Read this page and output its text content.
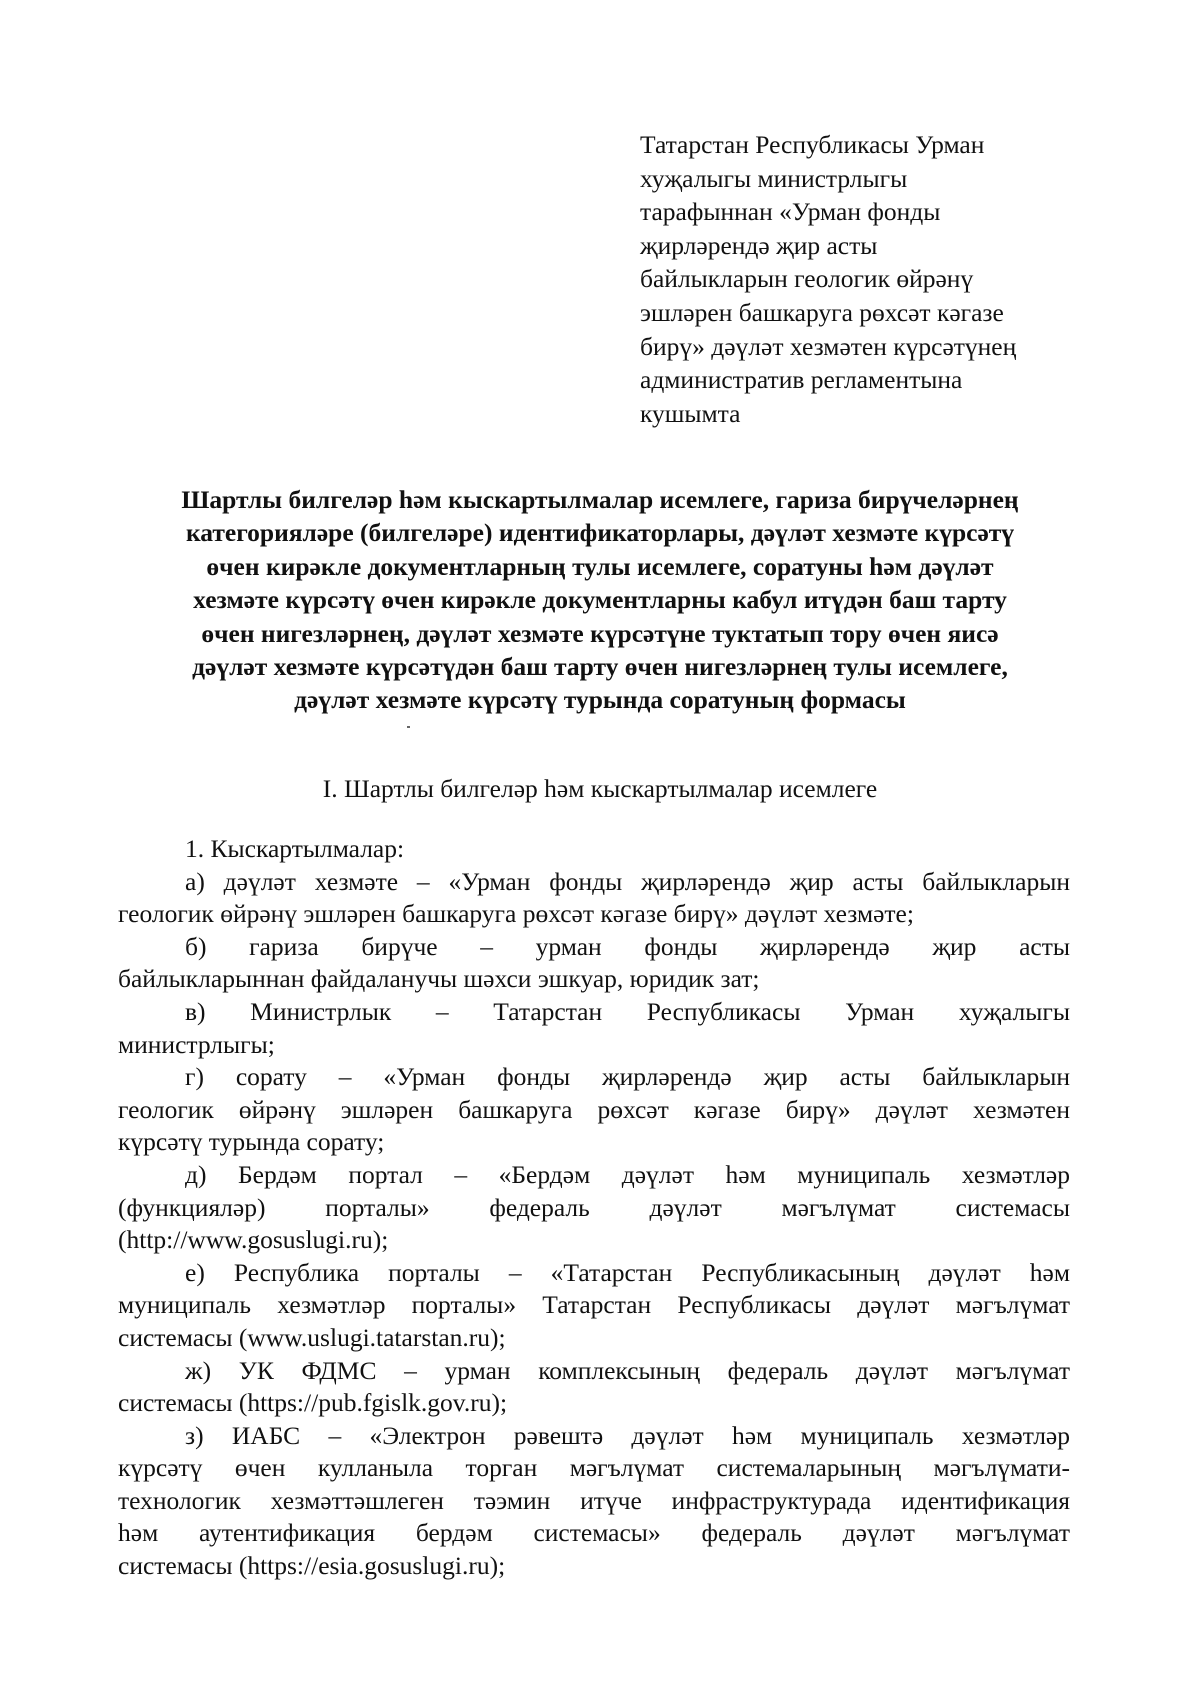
Татарстан Республикасы Урман
хуҗалыгы министрлыгы
тарафыннан «Урман фонды
җирләрендә җир асты
байлыкларын геологик өйрәнү
эшләрен башкаруга рөхсәт кәгазе
бирү» дәүләт хезмәтен күрсәтүнең
административ регламентына
кушымта
Шартлы билгеләр һәм кыскартылмалар исемлеге, гариза бирүчеләрнең
категорияләре (билгеләре) идентификаторлары, дәүләт хезмәте күрсәтү
өчен кирәкле документларның тулы исемлеге, соратуны һәм дәүләт
хезмәте күрсәтү өчен кирәкле документларны кабул итүдән баш тарту
өчен нигезләрнең, дәүләт хезмәте күрсәтүне туктатып тору өчен яисә
дәүләт хезмәте күрсәтүдән баш тарту өчен нигезләрнең тулы исемлеге,
дәүләт хезмәте күрсәтү турында соратуның формасы
I. Шартлы билгеләр һәм кыскартылмалар исемлеге

1. Кыскартылмалар:

а) дәүләт хезмәте – «Урман фонды җирләрендә җир асты байлыкларын
геологик өйрәнү эшләрен башкаруга рөхсәт кәгазе бирү» дәүләт хезмәте;
б) гариза бирүче – урман фонды җирләрендә җир асты
байлыкларыннан файдаланучы шәхси эшкуар, юридик зат;
в) Министрлык – Татарстан Республикасы Урман хуҗалыгы
министрлыгы;
г) сорату – «Урман фонды җирләрендә җир асты байлыкларын
геологик өйрәнү эшләрен башкаруга рөхсәт кәгазе бирү» дәүләт хезмәтен
күрсәтү турында сорату;
д) Бердәм портал – «Бердәм дәүләт һәм муниципаль хезмәтләр
(функцияләр) порталы» федераль дәүләт мәгълүмат системасы
(http://www.gosuslugi.ru);
е) Республика порталы – «Татарстан Республикасының дәүләт һәм
муниципаль хезмәтләр порталы» Татарстан Республикасы дәүләт мәгълүмат
системасы (www.uslugi.tatarstan.ru);
ж) УК ФДМС – урман комплексының федераль дәүләт мәгълүмат
системасы (https://pub.fgislk.gov.ru);
з) ИАБС – «Электрон рәвештә дәүләт һәм муниципаль хезмәтләр
күрсәтү өчен кулланыла торган мәгълүмат системаларының мәгълүмати-
технологик хезмәттәшлеген тәэмин итүче инфраструктурада идентификация
һәм аутентификация бердәм системасы» федераль дәүләт мәгълүмат
системасы (https://esia.gosuslugi.ru);
